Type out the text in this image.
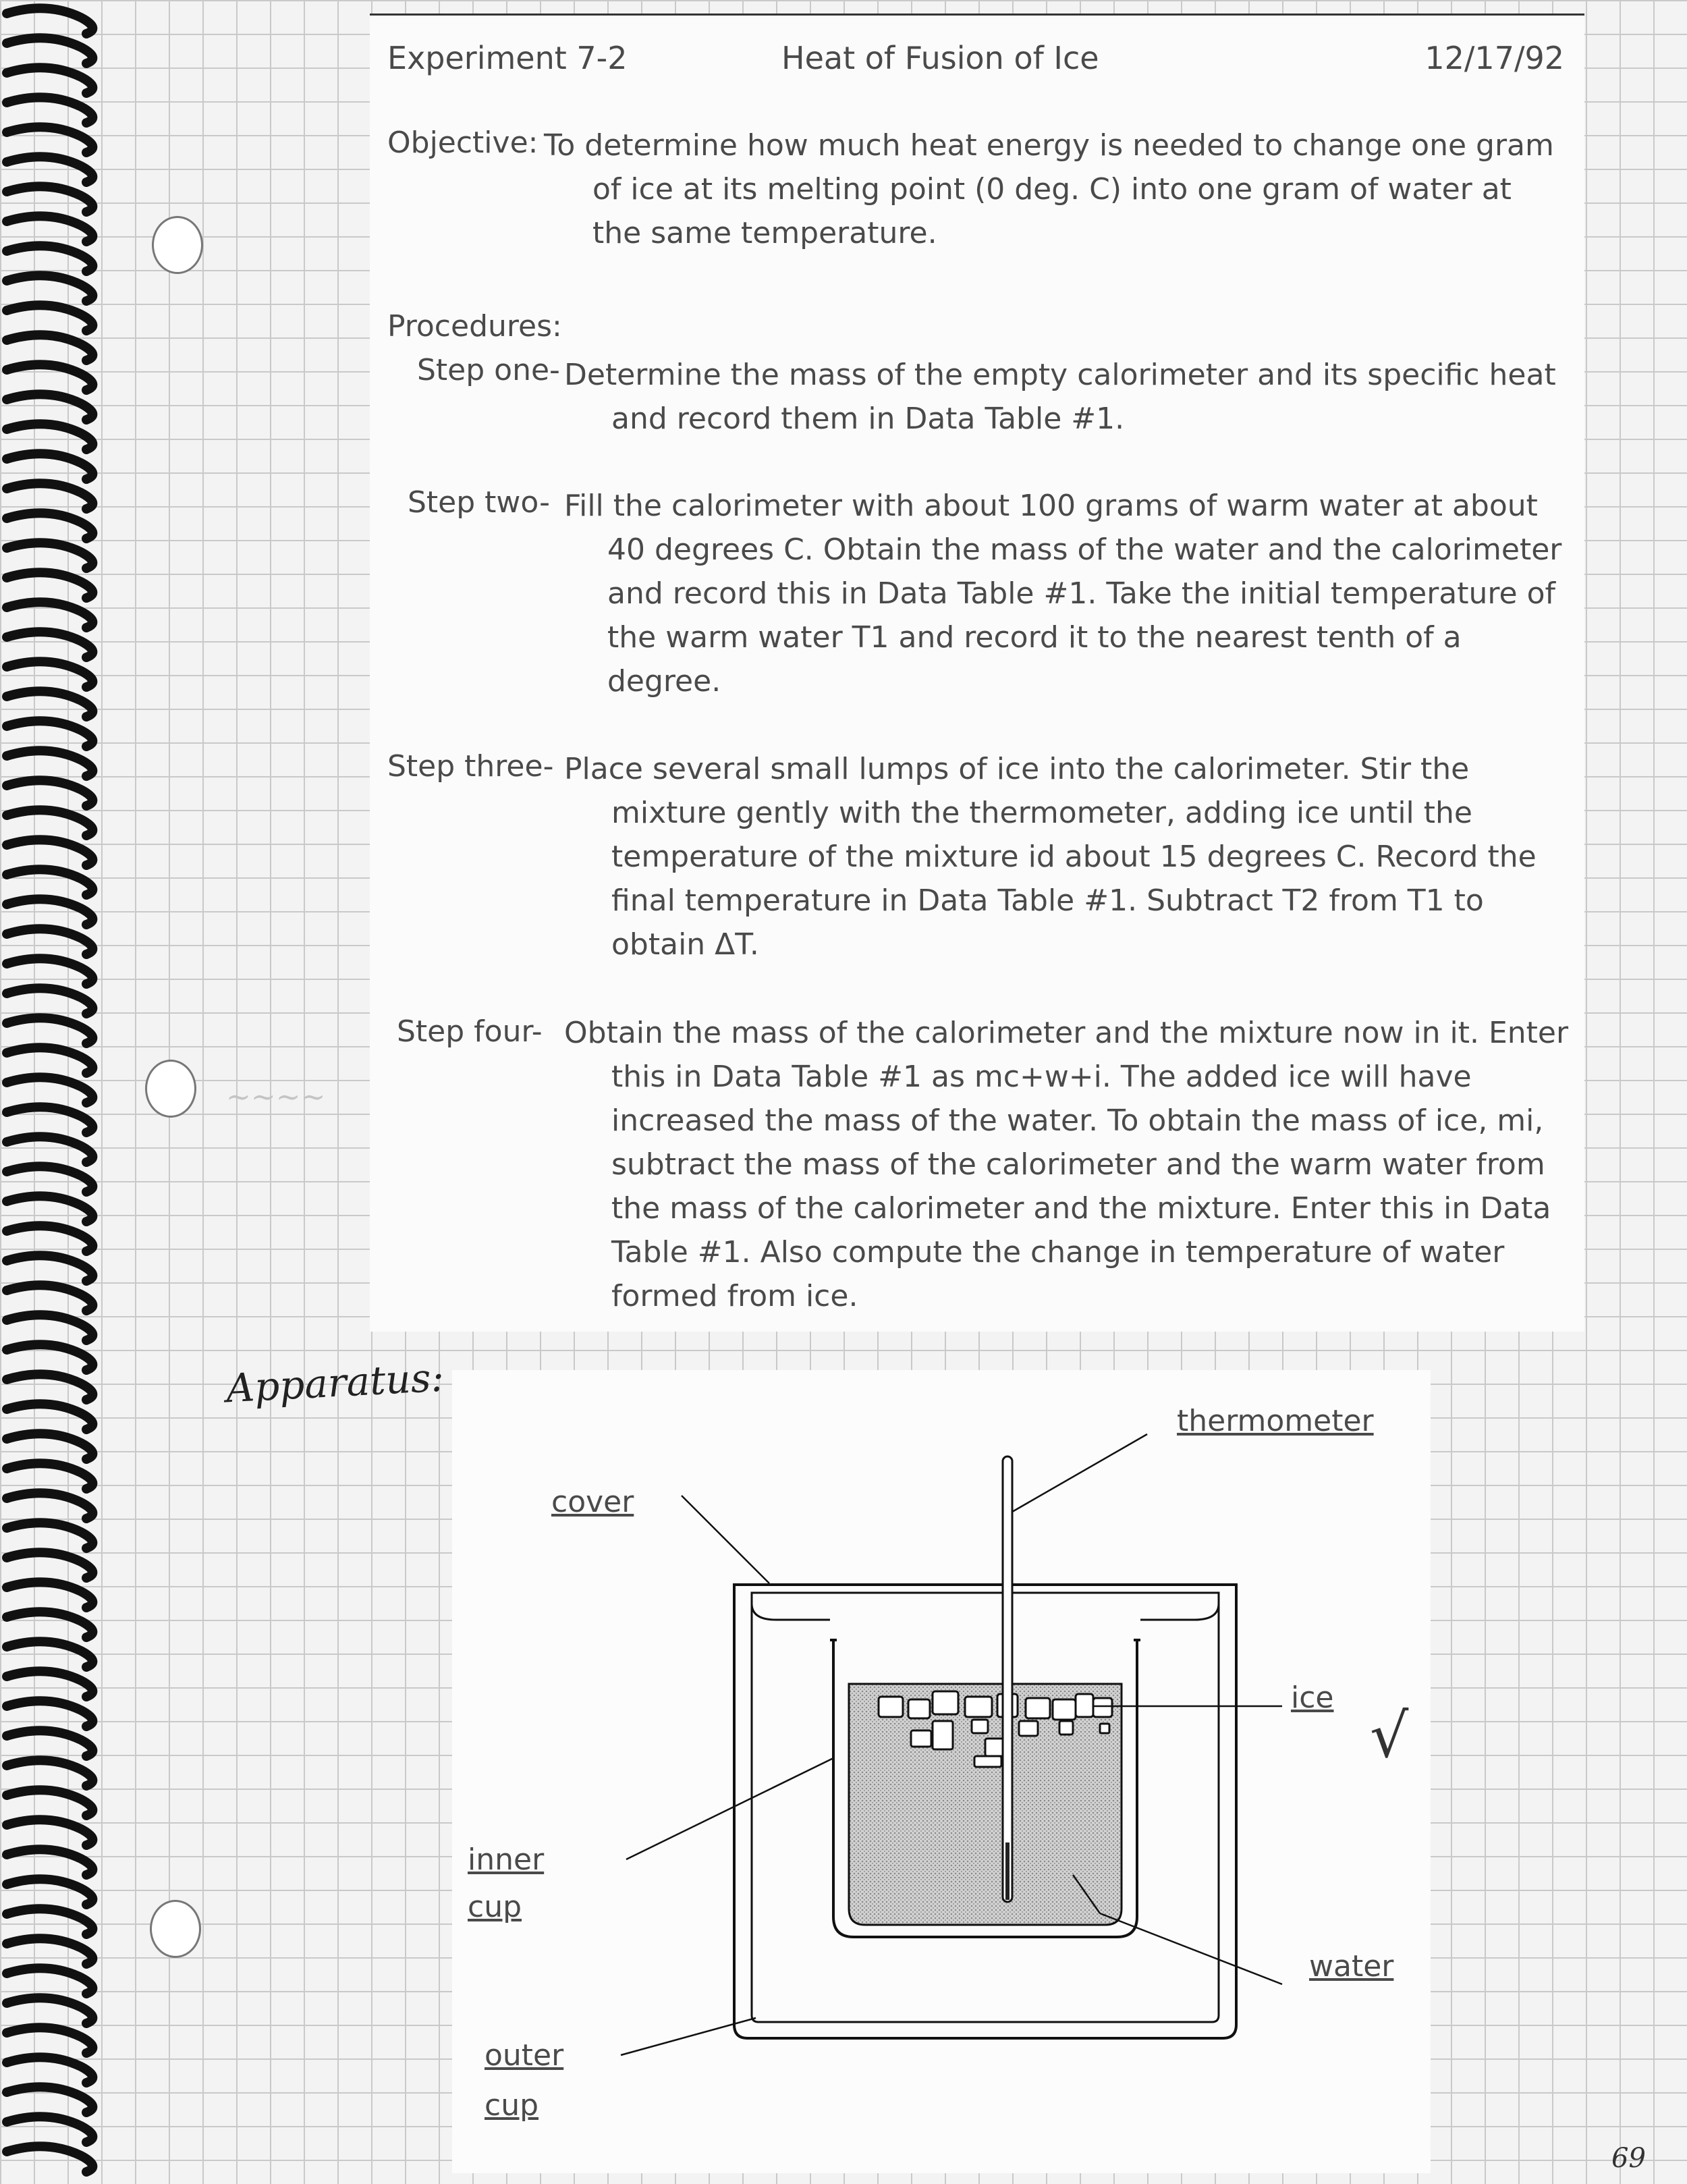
~~~~
Experiment 7-2	Heat of Fusion of Ice	12/17/92
Objective: To determine how much heat energy is needed to change one gram of ice at its melting point (0 deg. C) into one gram of water at the same temperature.

Procedures:
Step one- Determine the mass of the empty calorimeter and its specific heat and record them in Data Table #1.

Step two- Fill the calorimeter with about 100 grams of warm water at about 40 degrees C. Obtain the mass of the water and the calorimeter and record this in Data Table #1. Take the initial temperature of the warm water T1 and record it to the nearest tenth of a degree.

Step three- Place several small lumps of ice into the calorimeter. Stir the mixture gently with the thermometer, adding ice until the temperature of the mixture id about 15 degrees C. Record the final temperature in Data Table #1. Subtract T2 from T1 to obtain ΔT.

Step four- Obtain the mass of the calorimeter and the mixture now in it. Enter this in Data Table #1 as mc+w+i. The added ice will have increased the mass of the water. To obtain the mass of ice, mi, subtract the mass of the calorimeter and the warm water from the mass of the calorimeter and the mixture. Enter this in Data Table #1. Also compute the change in temperature of water formed from ice.

Apparatus:
thermometer
cover
ice
inner
cup
water
outer
cup
√
69
